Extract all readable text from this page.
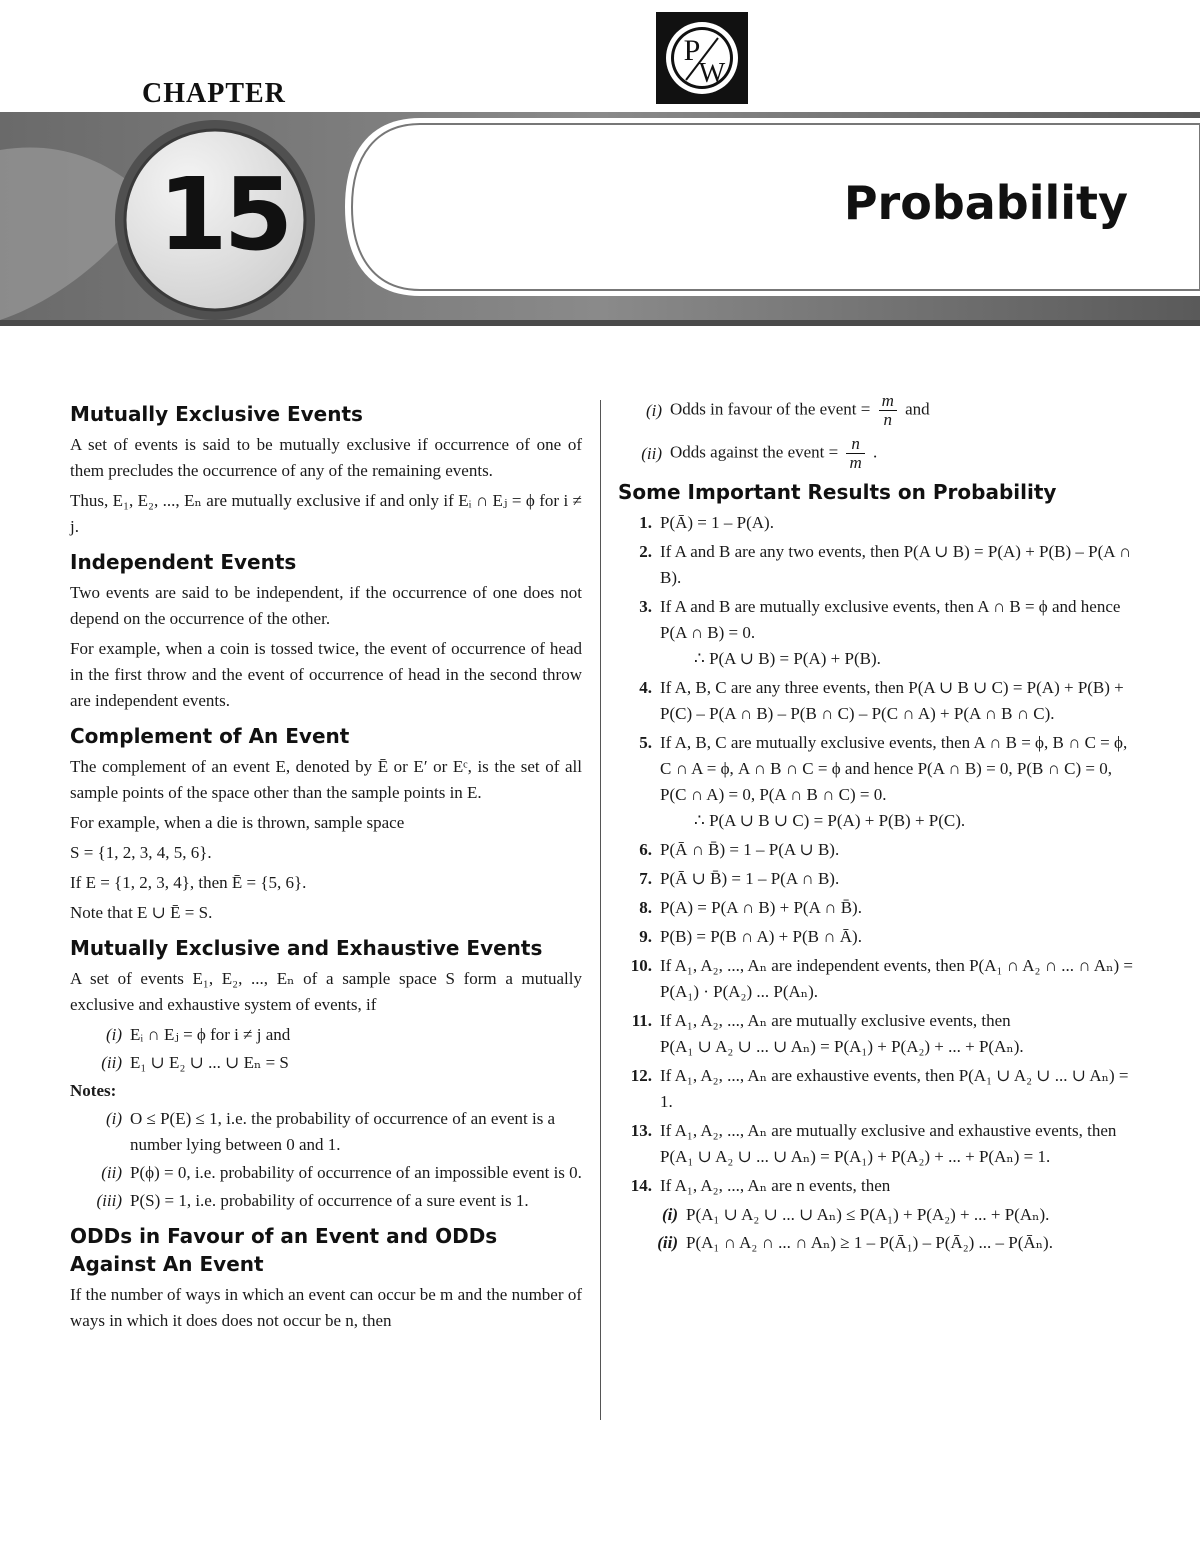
CHAPTER
15	Probability
P
W
Mutually Exclusive Events

A set of events is said to be mutually exclusive if occurrence of one of them precludes the occurrence of any of the remaining events.

Thus, E₁, E₂, ..., Eₙ are mutually exclusive if and only if Eᵢ ∩ Eⱼ = ϕ for i ≠ j.

Independent Events

Two events are said to be independent, if the occurrence of one does not depend on the occurrence of the other.

For example, when a coin is tossed twice, the event of occurrence of head in the first throw and the event of occurrence of head in the second throw are independent events.

Complement of An Event

The complement of an event E, denoted by Ē or E′ or Eᶜ, is the set of all sample points of the space other than the sample points in E.

For example, when a die is thrown, sample space

S = {1, 2, 3, 4, 5, 6}.

If E = {1, 2, 3, 4}, then Ē = {5, 6}.

Note that E ∪ Ē = S.

Mutually Exclusive and Exhaustive Events

A set of events E₁, E₂, ..., Eₙ of a sample space S form a mutually exclusive and exhaustive system of events, if

(i) Eᵢ ∩ Eⱼ = ϕ for i ≠ j and
(ii) E₁ ∪ E₂ ∪ ... ∪ Eₙ = S
Notes:
(i) O ≤ P(E) ≤ 1, i.e. the probability of occurrence of an event is a number lying between 0 and 1.
(ii) P(ϕ) = 0, i.e. probability of occurrence of an impossible event is 0.
(iii) P(S) = 1, i.e. probability of occurrence of a sure event is 1.
ODDs in Favour of an Event and ODDs Against An Event

If the number of ways in which an event can occur be m and the number of ways in which it does does not occur be n, then

(i) Odds in favour of the event = $\frac{m}{n}$ and
(ii) Odds against the event = $\frac{n}{m}$ .
Some Important Results on Probability
1. P(Ā) = 1 – P(A).
2. If A and B are any two events, then P(A ∪ B) = P(A) + P(B) – P(A ∩ B).
3. If A and B are mutually exclusive events, then A ∩ B = ϕ and hence P(A ∩ B) = 0.
∴ P(A ∪ B) = P(A) + P(B).
4. If A, B, C are any three events, then P(A ∪ B ∪ C) = P(A) + P(B) + P(C) – P(A ∩ B) – P(B ∩ C) – P(C ∩ A) + P(A ∩ B ∩ C).
5. If A, B, C are mutually exclusive events, then A ∩ B = ϕ, B ∩ C = ϕ, C ∩ A = ϕ, A ∩ B ∩ C = ϕ and hence P(A ∩ B) = 0, P(B ∩ C) = 0, P(C ∩ A) = 0, P(A ∩ B ∩ C) = 0.
∴ P(A ∪ B ∪ C) = P(A) + P(B) + P(C).
6. P(Ā ∩ B̄) = 1 – P(A ∪ B).
7. P(Ā ∪ B̄) = 1 – P(A ∩ B).
8. P(A) = P(A ∩ B) + P(A ∩ B̄).
9. P(B) = P(B ∩ A) + P(B ∩ Ā).
10. If A₁, A₂, ..., Aₙ are independent events, then P(A₁ ∩ A₂ ∩ ... ∩ Aₙ) = P(A₁) · P(A₂) ... P(Aₙ).
11. If A₁, A₂, ..., Aₙ are mutually exclusive events, then
P(A₁ ∪ A₂ ∪ ... ∪ Aₙ) = P(A₁) + P(A₂) + ... + P(Aₙ).
12. If A₁, A₂, ..., Aₙ are exhaustive events, then P(A₁ ∪ A₂ ∪ ... ∪ Aₙ) = 1.
13. If A₁, A₂, ..., Aₙ are mutually exclusive and exhaustive events, then
P(A₁ ∪ A₂ ∪ ... ∪ Aₙ) = P(A₁) + P(A₂) + ... + P(Aₙ) = 1.
14. If A₁, A₂, ..., Aₙ are n events, then
(i) P(A₁ ∪ A₂ ∪ ... ∪ Aₙ) ≤ P(A₁) + P(A₂) + ... + P(Aₙ).
(ii) P(A₁ ∩ A₂ ∩ ... ∩ Aₙ) ≥ 1 – P(Ā₁) – P(Ā₂) ... – P(Āₙ).
